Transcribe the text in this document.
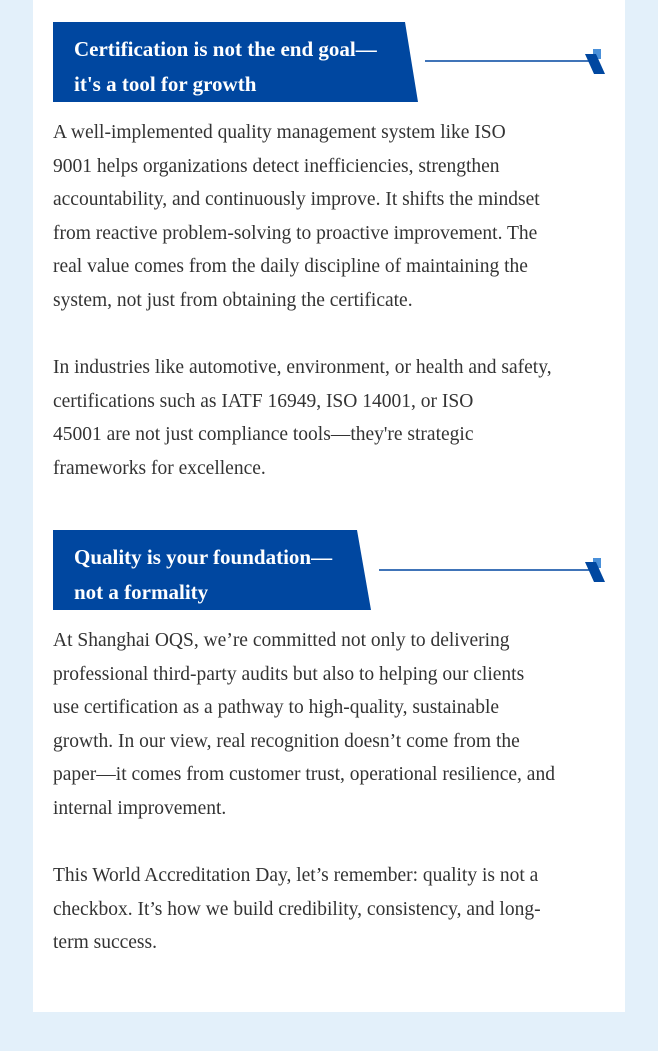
Certification is not the end goal—
it's a tool for growth
A well-implemented quality management system like ISO
9001 helps organizations detect inefficiencies, strengthen
accountability, and continuously improve. It shifts the mindset
from reactive problem-solving to proactive improvement. The
real value comes from the daily discipline of maintaining the
system, not just from obtaining the certificate.
In industries like automotive, environment, or health and safety,
certifications such as IATF 16949, ISO 14001, or ISO
45001 are not just compliance tools—they're strategic
frameworks for excellence.
Quality is your foundation—
not a formality
At Shanghai OQS, we’re committed not only to delivering
professional third-party audits but also to helping our clients
use certification as a pathway to high-quality, sustainable
growth. In our view, real recognition doesn’t come from the
paper—it comes from customer trust, operational resilience, and
internal improvement.
This World Accreditation Day, let’s remember: quality is not a
checkbox. It’s how we build credibility, consistency, and long-
term success.
